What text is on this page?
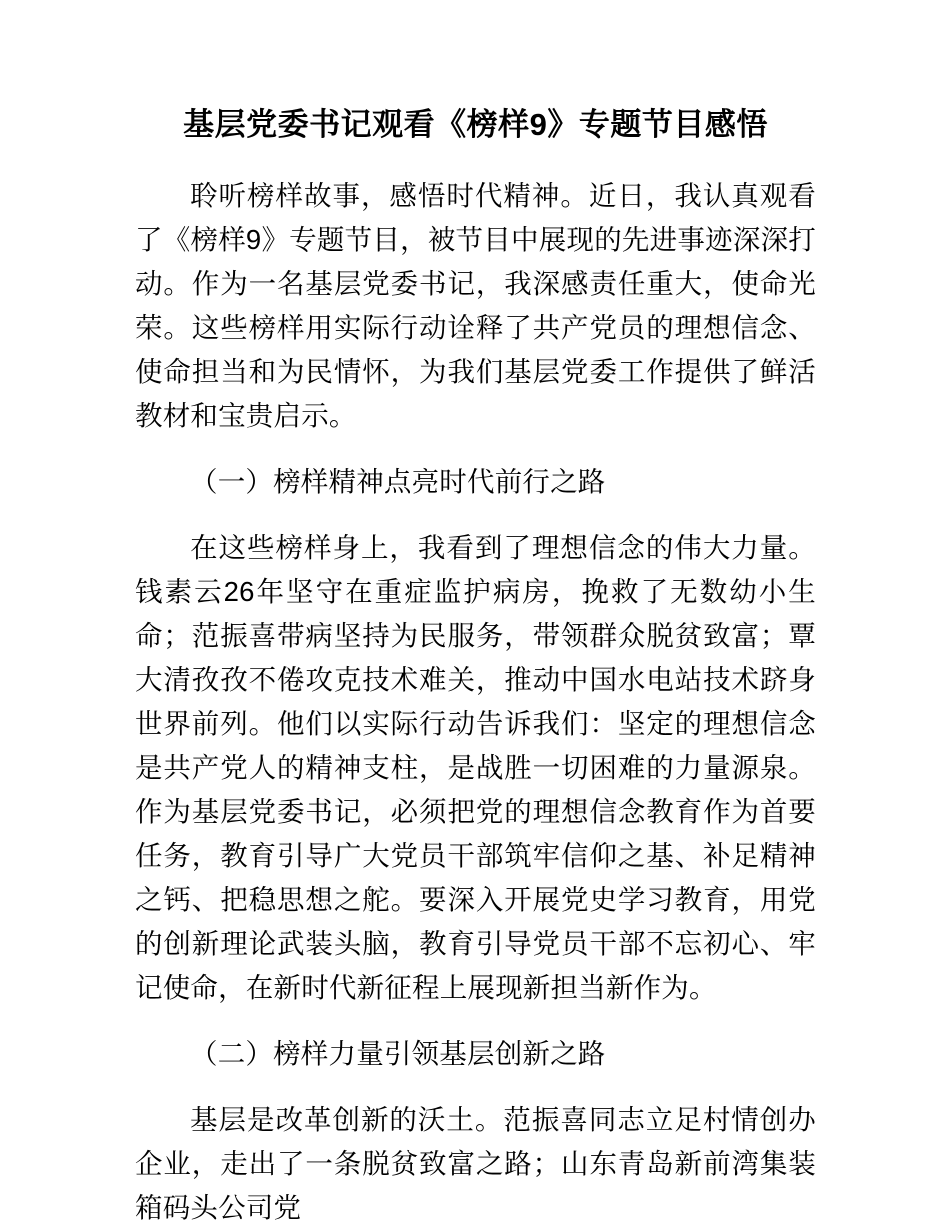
基层党委书记观看《榜样9》专题节目感悟

聆听榜样故事，感悟时代精神。近日，我认真观看了《榜样9》专题节目，被节目中展现的先进事迹深深打动。作为一名基层党委书记，我深感责任重大，使命光荣。这些榜样用实际行动诠释了共产党员的理想信念、使命担当和为民情怀，为我们基层党委工作提供了鲜活教材和宝贵启示。

（一）榜样精神点亮时代前行之路

在这些榜样身上，我看到了理想信念的伟大力量。钱素云26年坚守在重症监护病房，挽救了无数幼小生命；范振喜带病坚持为民服务，带领群众脱贫致富；覃大清孜孜不倦攻克技术难关，推动中国水电站技术跻身世界前列。他们以实际行动告诉我们：坚定的理想信念是共产党人的精神支柱，是战胜一切困难的力量源泉。作为基层党委书记，必须把党的理想信念教育作为首要任务，教育引导广大党员干部筑牢信仰之基、补足精神之钙、把稳思想之舵。要深入开展党史学习教育，用党的创新理论武装头脑，教育引导党员干部不忘初心、牢记使命，在新时代新征程上展现新担当新作为。

（二）榜样力量引领基层创新之路

基层是改革创新的沃土。范振喜同志立足村情创办企业，走出了一条脱贫致富之路；山东青岛新前湾集装箱码头公司党
